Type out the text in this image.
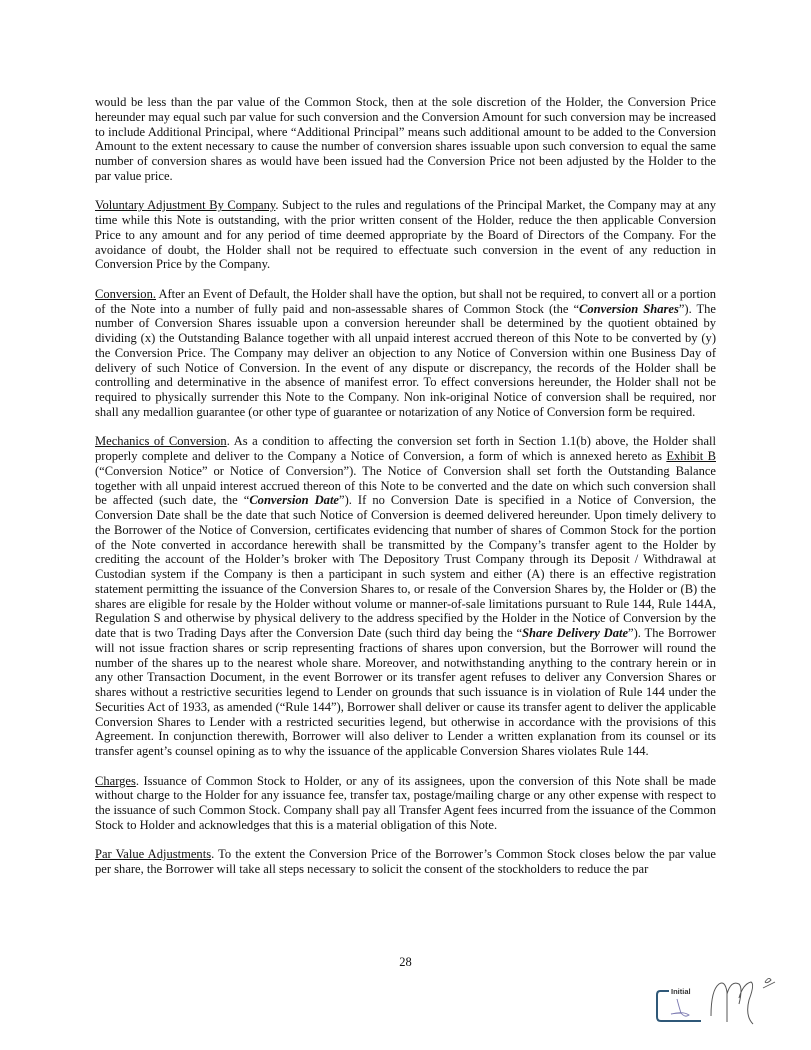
would be less than the par value of the Common Stock, then at the sole discretion of the Holder, the Conversion Price hereunder may equal such par value for such conversion and the Conversion Amount for such conversion may be increased to include Additional Principal, where “Additional Principal” means such additional amount to be added to the Conversion Amount to the extent necessary to cause the number of conversion shares issuable upon such conversion to equal the same number of conversion shares as would have been issued had the Conversion Price not been adjusted by the Holder to the par value price.

Voluntary Adjustment By Company. Subject to the rules and regulations of the Principal Market, the Company may at any time while this Note is outstanding, with the prior written consent of the Holder, reduce the then applicable Conversion Price to any amount and for any period of time deemed appropriate by the Board of Directors of the Company. For the avoidance of doubt, the Holder shall not be required to effectuate such conversion in the event of any reduction in Conversion Price by the Company.

Conversion. After an Event of Default, the Holder shall have the option, but shall not be required, to convert all or a portion of the Note into a number of fully paid and non-assessable shares of Common Stock (the “Conversion Shares”). The number of Conversion Shares issuable upon a conversion hereunder shall be determined by the quotient obtained by dividing (x) the Outstanding Balance together with all unpaid interest accrued thereon of this Note to be converted by (y) the Conversion Price. The Company may deliver an objection to any Notice of Conversion within one Business Day of delivery of such Notice of Conversion. In the event of any dispute or discrepancy, the records of the Holder shall be controlling and determinative in the absence of manifest error. To effect conversions hereunder, the Holder shall not be required to physically surrender this Note to the Company. Non ink-original Notice of conversion shall be required, nor shall any medallion guarantee (or other type of guarantee or notarization of any Notice of Conversion form be required.

Mechanics of Conversion. As a condition to affecting the conversion set forth in Section 1.1(b) above, the Holder shall properly complete and deliver to the Company a Notice of Conversion, a form of which is annexed hereto as Exhibit B (“Conversion Notice” or Notice of Conversion”). The Notice of Conversion shall set forth the Outstanding Balance together with all unpaid interest accrued thereon of this Note to be converted and the date on which such conversion shall be affected (such date, the “Conversion Date”). If no Conversion Date is specified in a Notice of Conversion, the Conversion Date shall be the date that such Notice of Conversion is deemed delivered hereunder. Upon timely delivery to the Borrower of the Notice of Conversion, certificates evidencing that number of shares of Common Stock for the portion of the Note converted in accordance herewith shall be transmitted by the Company’s transfer agent to the Holder by crediting the account of the Holder’s broker with The Depository Trust Company through its Deposit / Withdrawal at Custodian system if the Company is then a participant in such system and either (A) there is an effective registration statement permitting the issuance of the Conversion Shares to, or resale of the Conversion Shares by, the Holder or (B) the shares are eligible for resale by the Holder without volume or manner-of-sale limitations pursuant to Rule 144, Rule 144A, Regulation S and otherwise by physical delivery to the address specified by the Holder in the Notice of Conversion by the date that is two Trading Days after the Conversion Date (such third day being the “Share Delivery Date”). The Borrower will not issue fraction shares or scrip representing fractions of shares upon conversion, but the Borrower will round the number of the shares up to the nearest whole share. Moreover, and notwithstanding anything to the contrary herein or in any other Transaction Document, in the event Borrower or its transfer agent refuses to deliver any Conversion Shares or shares without a restrictive securities legend to Lender on grounds that such issuance is in violation of Rule 144 under the Securities Act of 1933, as amended (“Rule 144”), Borrower shall deliver or cause its transfer agent to deliver the applicable Conversion Shares to Lender with a restricted securities legend, but otherwise in accordance with the provisions of this Agreement. In conjunction therewith, Borrower will also deliver to Lender a written explanation from its counsel or its transfer agent’s counsel opining as to why the issuance of the applicable Conversion Shares violates Rule 144.

Charges. Issuance of Common Stock to Holder, or any of its assignees, upon the conversion of this Note shall be made without charge to the Holder for any issuance fee, transfer tax, postage/mailing charge or any other expense with respect to the issuance of such Common Stock. Company shall pay all Transfer Agent fees incurred from the issuance of the Common Stock to Holder and acknowledges that this is a material obligation of this Note.

Par Value Adjustments. To the extent the Conversion Price of the Borrower’s Common Stock closes below the par value per share, the Borrower will take all steps necessary to solicit the consent of the stockholders to reduce the par

28
Initial
